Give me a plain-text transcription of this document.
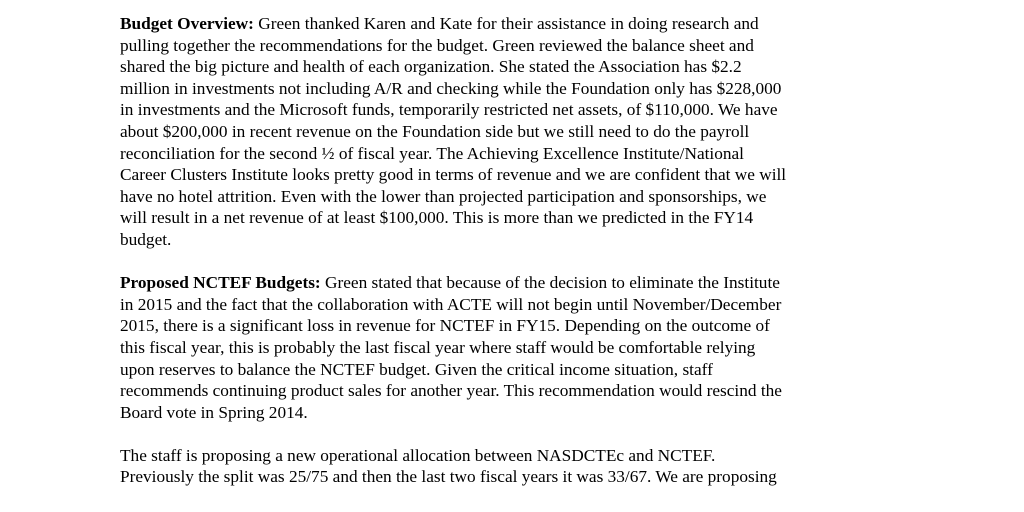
Budget Overview: Green thanked Karen and Kate for their assistance in doing research and
pulling together the recommendations for the budget. Green reviewed the balance sheet and
shared the big picture and health of each organization. She stated the Association has $2.2
million in investments not including A/R and checking while the Foundation only has $228,000
in investments and the Microsoft funds, temporarily restricted net assets, of $110,000. We have
about $200,000 in recent revenue on the Foundation side but we still need to do the payroll
reconciliation for the second ½ of fiscal year. The Achieving Excellence Institute/National
Career Clusters Institute looks pretty good in terms of revenue and we are confident that we will
have no hotel attrition. Even with the lower than projected participation and sponsorships, we
will result in a net revenue of at least $100,000. This is more than we predicted in the FY14
budget.

Proposed NCTEF Budgets: Green stated that because of the decision to eliminate the Institute
in 2015 and the fact that the collaboration with ACTE will not begin until November/December
2015, there is a significant loss in revenue for NCTEF in FY15. Depending on the outcome of
this fiscal year, this is probably the last fiscal year where staff would be comfortable relying
upon reserves to balance the NCTEF budget. Given the critical income situation, staff
recommends continuing product sales for another year. This recommendation would rescind the
Board vote in Spring 2014.

The staff is proposing a new operational allocation between NASDCTEc and NCTEF.
Previously the split was 25/75 and then the last two fiscal years it was 33/67. We are proposing
